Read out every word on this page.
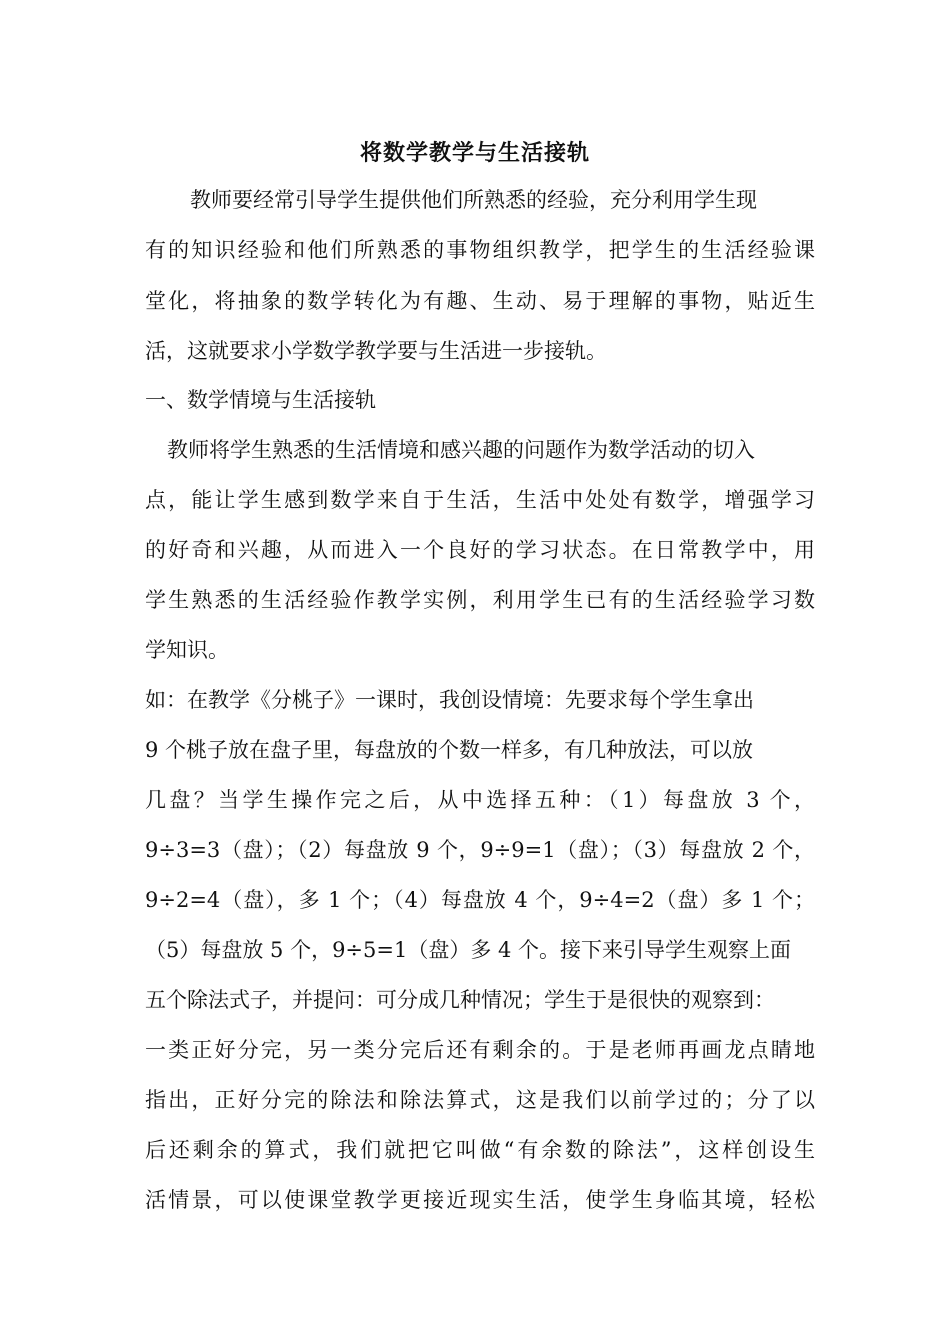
将数学教学与生活接轨
教师要经常引导学生提供他们所熟悉的经验，充分利用学生现
有的知识经验和他们所熟悉的事物组织教学，把学生的生活经验课
堂化，将抽象的数学转化为有趣、生动、易于理解的事物，贴近生
活，这就要求小学数学教学要与生活进一步接轨。
一、数学情境与生活接轨
教师将学生熟悉的生活情境和感兴趣的问题作为数学活动的切入
点，能让学生感到数学来自于生活，生活中处处有数学，增强学习
的好奇和兴趣，从而进入一个良好的学习状态。在日常教学中，用
学生熟悉的生活经验作教学实例，利用学生已有的生活经验学习数
学知识。
如：在教学《分桃子》一课时，我创设情境：先要求每个学生拿出
9 个桃子放在盘子里，每盘放的个数一样多，有几种放法，可以放
几盘？当学生操作完之后，从中选择五种：（1）每盘放 3 个，
9÷3=3（盘）；（2）每盘放 9 个，9÷9=1（盘）；（3）每盘放 2 个，
9÷2=4（盘），多 1 个；（4）每盘放 4 个，9÷4=2（盘）多 1 个；
（5）每盘放 5 个，9÷5=1（盘）多 4 个。接下来引导学生观察上面
五个除法式子，并提问：可分成几种情况；学生于是很快的观察到：
一类正好分完，另一类分完后还有剩余的。于是老师再画龙点睛地
指出，正好分完的除法和除法算式，这是我们以前学过的；分了以
后还剩余的算式，我们就把它叫做“有余数的除法”，这样创设生
活情景，可以使课堂教学更接近现实生活，使学生身临其境，轻松
